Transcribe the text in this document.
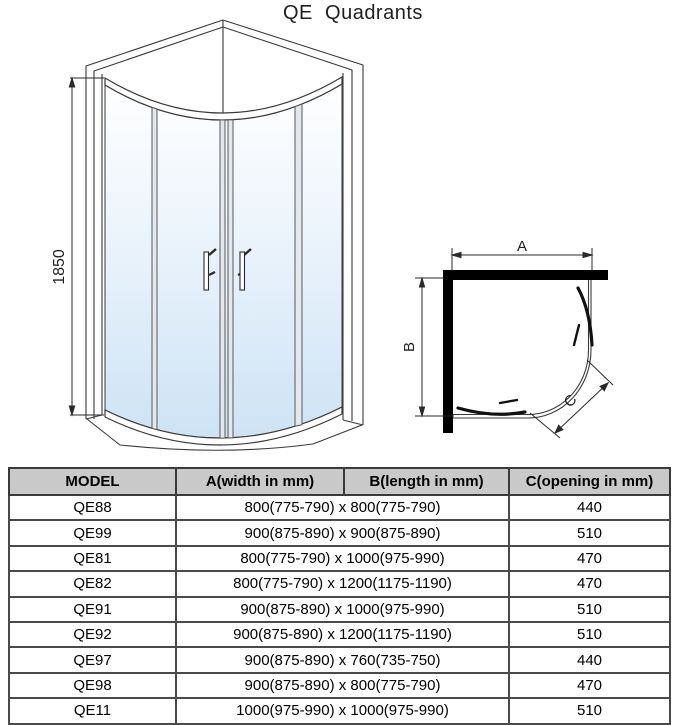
QE  Quadrants
1850
A
B
C
MODEL	A(width in mm)	B(length in mm)	C(opening in mm)
QE88	800(775-790) x 800(775-790)		440
QE99	900(875-890) x 900(875-890)		510
QE81	800(775-790) x 1000(975-990)		470
QE82	800(775-790) x 1200(1175-1190)		470
QE91	900(875-890) x 1000(975-990)		510
QE92	900(875-890) x 1200(1175-1190)		510
QE97	900(875-890) x 760(735-750)		440
QE98	900(875-890) x 800(775-790)		470
QE11	1000(975-990) x 1000(975-990)		510
